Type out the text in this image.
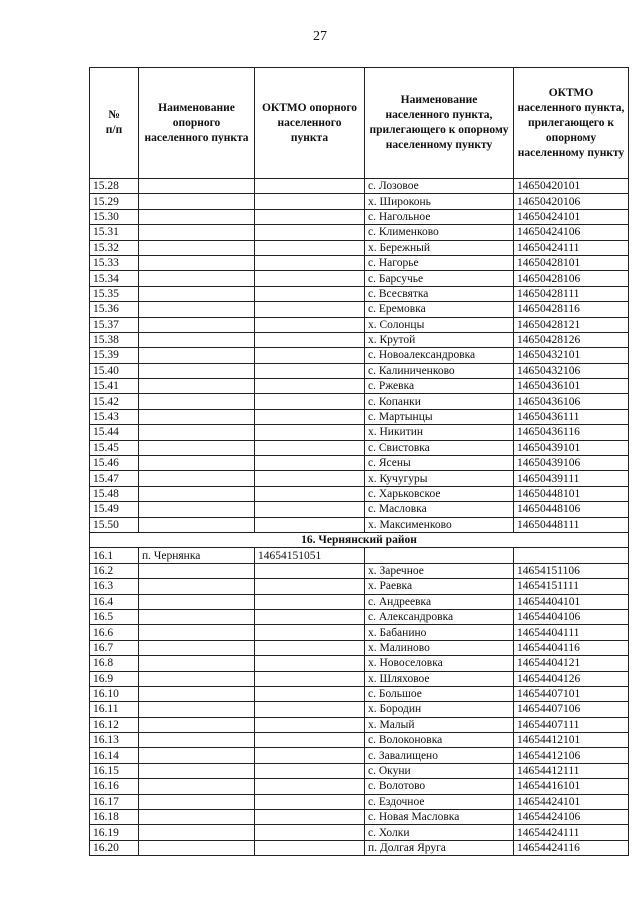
27
№
п/п	Наименование опорного населенного пункта	ОКТМО опорного населенного пункта	Наименование населенного пункта, прилегающего к опорному населенному пункту	ОКТМО населенного пункта, прилегающего к опорному населенному пункту
15.28			с. Лозовое	14650420101
15.29			х. Широконь	14650420106
15.30			с. Нагольное	14650424101
15.31			с. Клименково	14650424106
15.32			х. Бережный	14650424111
15.33			с. Нагорье	14650428101
15.34			с. Барсучье	14650428106
15.35			с. Всесвятка	14650428111
15.36			с. Еремовка	14650428116
15.37			х. Солонцы	14650428121
15.38			х. Крутой	14650428126
15.39			с. Новоалександровка	14650432101
15.40			с. Калиниченково	14650432106
15.41			с. Ржевка	14650436101
15.42			с. Копанки	14650436106
15.43			с. Мартынцы	14650436111
15.44			х. Никитин	14650436116
15.45			с. Свистовка	14650439101
15.46			с. Ясены	14650439106
15.47			х. Кучугуры	14650439111
15.48			с. Харьковское	14650448101
15.49			с. Масловка	14650448106
15.50			х. Максименково	14650448111
16. Чернянский район				
16.1	п. Чернянка	14654151051		
16.2			х. Заречное	14654151106
16.3			х. Раевка	14654151111
16.4			с. Андреевка	14654404101
16.5			с. Александровка	14654404106
16.6			х. Бабанино	14654404111
16.7			х. Малиново	14654404116
16.8			х. Новоселовка	14654404121
16.9			х. Шляховое	14654404126
16.10			с. Большое	14654407101
16.11			х. Бородин	14654407106
16.12			х. Малый	14654407111
16.13			с. Волоконовка	14654412101
16.14			с. Завалищено	14654412106
16.15			с. Окуни	14654412111
16.16			с. Волотово	14654416101
16.17			с. Ездочное	14654424101
16.18			с. Новая Масловка	14654424106
16.19			с. Холки	14654424111
16.20			п. Долгая Яруга	14654424116
